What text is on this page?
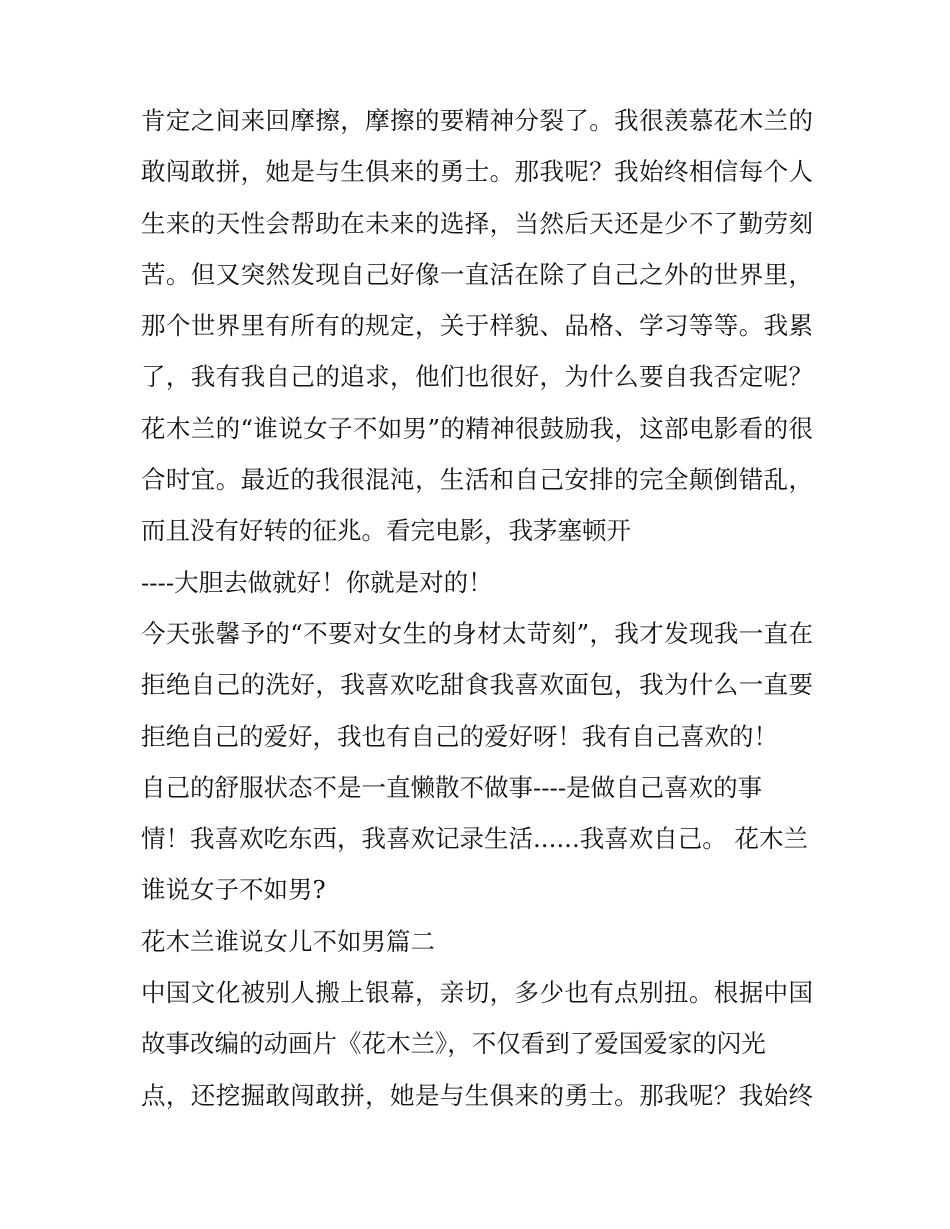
肯定之间来回摩擦，摩擦的要精神分裂了。我很羡慕花木兰的
敢闯敢拼，她是与生俱来的勇士。那我呢？我始终相信每个人
生来的天性会帮助在未来的选择，当然后天还是少不了勤劳刻
苦。但又突然发现自己好像一直活在除了自己之外的世界里，
那个世界里有所有的规定，关于样貌、品格、学习等等。我累
了，我有我自己的追求，他们也很好，为什么要自我否定呢？
花木兰的“谁说女子不如男”的精神很鼓励我，这部电影看的很
合时宜。最近的我很混沌，生活和自己安排的完全颠倒错乱，
而且没有好转的征兆。看完电影，我茅塞顿开
----大胆去做就好！你就是对的！
今天张馨予的“不要对女生的身材太苛刻”，我才发现我一直在
拒绝自己的洗好，我喜欢吃甜食我喜欢面包，我为什么一直要
拒绝自己的爱好，我也有自己的爱好呀！我有自己喜欢的！
自己的舒服状态不是一直懒散不做事----是做自己喜欢的事
情！我喜欢吃东西，我喜欢记录生活......我喜欢自己。 花木兰
谁说女子不如男?
花木兰谁说女儿不如男篇二
中国文化被别人搬上银幕，亲切，多少也有点别扭。根据中国
故事改编的动画片《花木兰》，不仅看到了爱国爱家的闪光
点，还挖掘敢闯敢拼，她是与生俱来的勇士。那我呢？我始终
